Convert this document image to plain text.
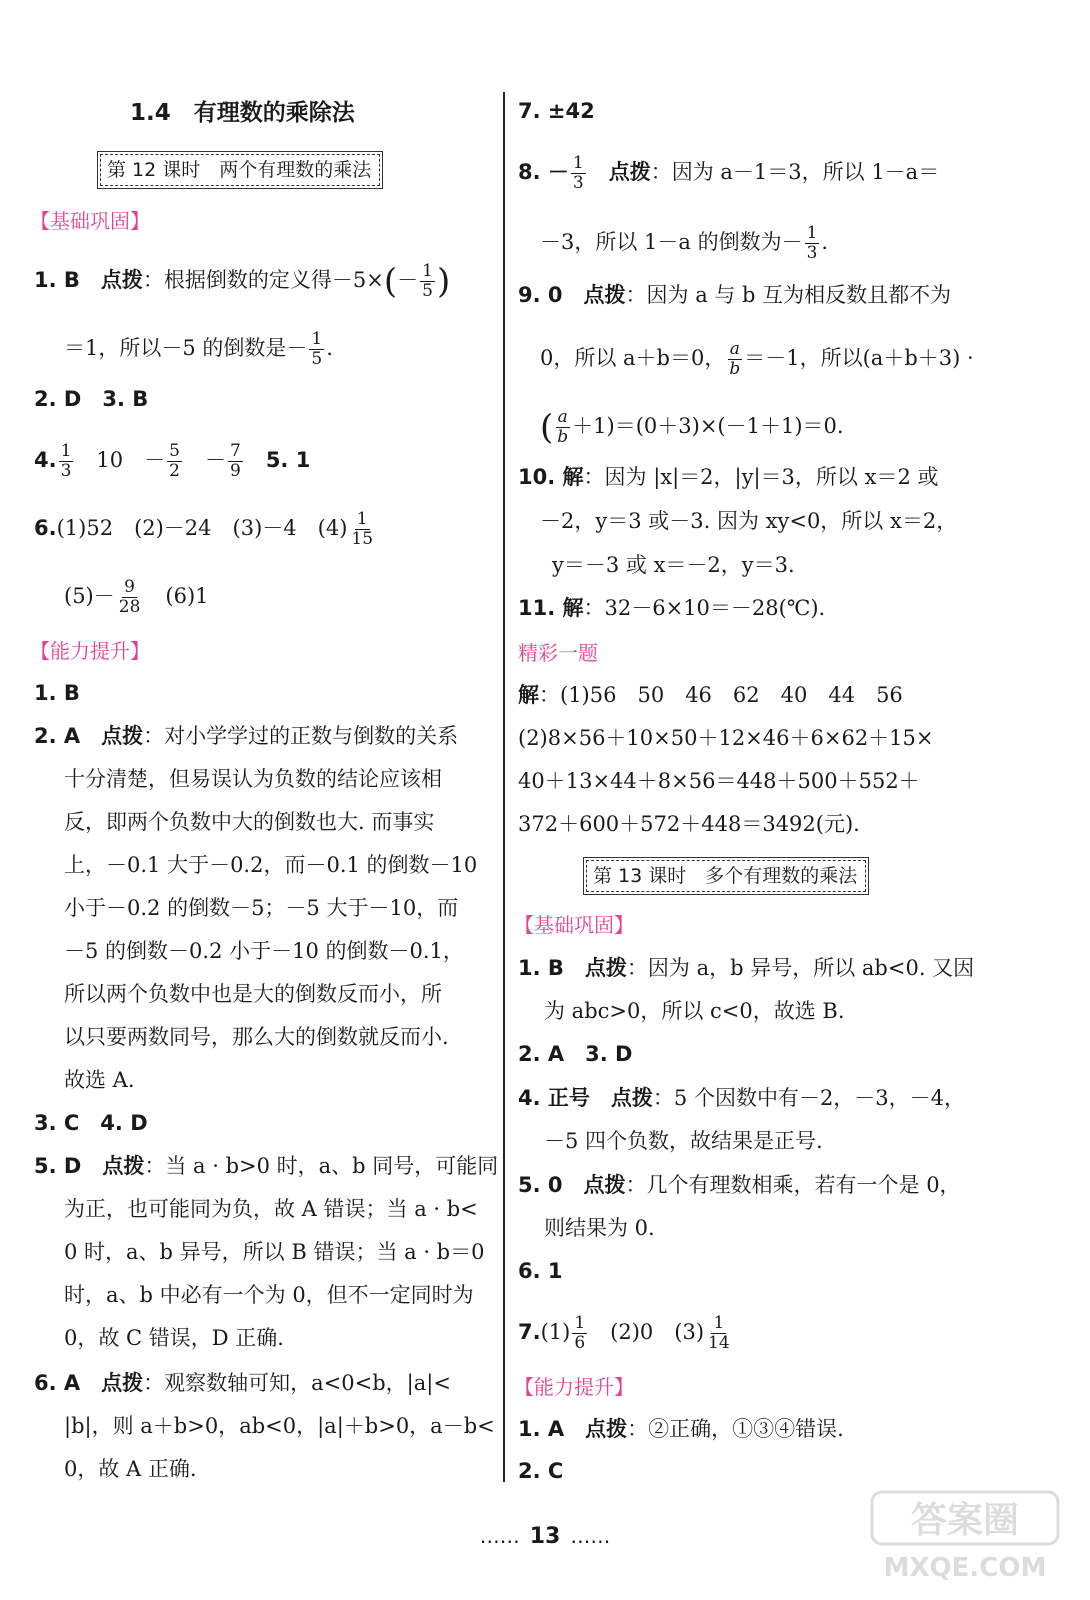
1.4　有理数的乘除法
第 12 课时　两个有理数的乘法
【基础巩固】
1. B　 点拨：根据倒数的定义得$-5\times(- \frac{1}{5}$ )
＝1，所以－5 的倒数是－ $\frac{1}{5}$ .
2. D　3. B
4. $\frac{1}{3}$
　 10　－ $\frac{5}{2}$ 　－ $\frac{7}{9}$
　 5. 1
6.(1)52　 (2)－24　 (3)－4　 $(4) \frac{1}{15}$
$(5)- \frac{9}{28}$
　 (6)1
【能力提升】
1. B
2. A　 点拨：对小学学过的正数与倒数的关系
十分清楚，但易误认为负数的结论应该相
反，即两个负数中大的倒数也大. 而事实
上，－0.1 大于－0.2，而－0.1 的倒数－10
小于－0.2 的倒数－5；－5 大于－10，而
－5 的倒数－0.2 小于－10 的倒数－0.1，
所以两个负数中也是大的倒数反而小，所
以只要两数同号，那么大的倒数就反而小.
故选 A.
3. C　4. D
5. D　 点拨：当 a · b>0 时，a、b 同号，可能同
为正，也可能同为负，故 A 错误；当 a · b<
0 时，a、b 异号，所以 B 错误；当 a · b＝0
时，a、b 中必有一个为 0，但不一定同时为
0，故 C 错误，D 正确.
6. A　 点拨：观察数轴可知，a<0<b，|a|<
|b|，则 a＋b>0，ab<0，|a|＋b>0，a－b<
0，故 A 正确.
7. ±42
8. － $\frac{1}{3}$
　 点拨：因为 a－1＝3，所以 1－a＝
－3，所以 1－a 的倒数为－ $\frac{1}{3}$ .
9. 0　 点拨：因为 a 与 b 互为相反数且都不为
0，所以 a＋b＝0， $\frac{a}{b} =-1$，所以(a＋b＋3) ·
( $\frac{a}{b} +1)=(0+3)\times(-1+1)=0$.
10. 解：因为 |x|＝2，|y|＝3，所以 x＝2 或
－2，y＝3 或－3. 因为 xy<0，所以 x＝2，
y＝－3 或 x＝－2，y＝3.
11. 解：32－6×10＝－28(℃).
精彩一题
解：(1)56　50　46　62　40　44　56
(2)8×56＋10×50＋12×46＋6×62＋15×
40＋13×44＋8×56＝448＋500＋552＋
372＋600＋572＋448＝3492(元).
第 13 课时　多个有理数的乘法
【基础巩固】
1. B　 点拨：因为 a，b 异号，所以 ab<0. 又因
为 abc>0，所以 c<0，故选 B.
2. A　3. D
4. 正号　 点拨：5 个因数中有－2，－3，－4，
－5 四个负数，故结果是正号.
5. 0　 点拨：几个有理数相乘，若有一个是 0，
则结果为 0.
6. 1
$7.(1) \frac{1}{6}$
　 (2)0　 $(3) \frac{1}{14}$
【能力提升】
1. A　 点拨：②正确，①③④错误.
2. C
…… 13 ……	答案圈
MXQE.COM
